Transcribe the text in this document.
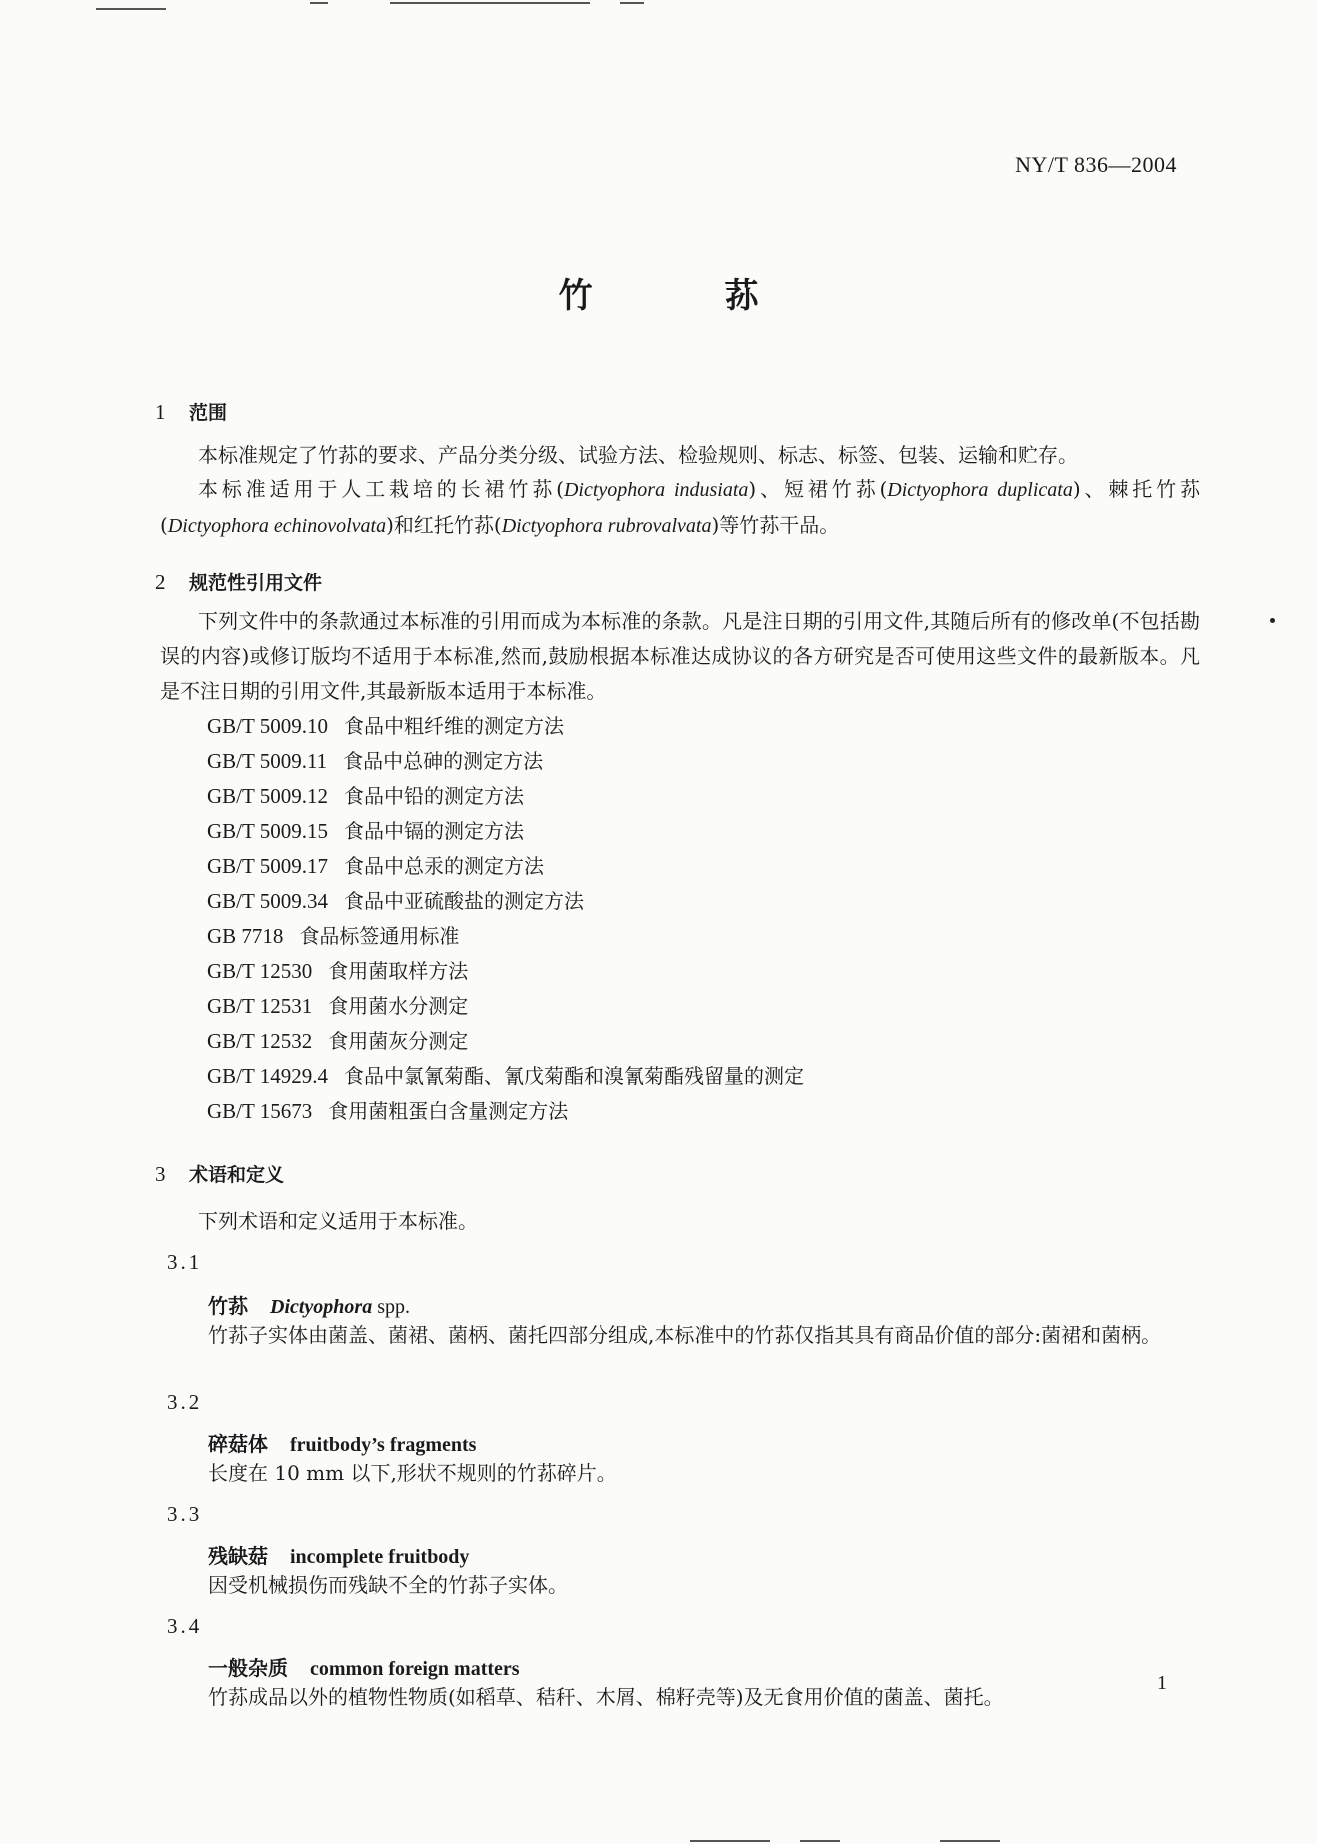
NY/T 836—2004
竹 荪
1 范围
本标准规定了竹荪的要求、产品分类分级、试验方法、检验规则、标志、标签、包装、运输和贮存。
本标准适用于人工栽培的长裙竹荪(Dictyophora indusiata)、短裙竹荪(Dictyophora duplicata)、棘托竹荪(Dictyophora echinovolvata)和红托竹荪(Dictyophora rubrovalvata)等竹荪干品。
2 规范性引用文件
下列文件中的条款通过本标准的引用而成为本标准的条款。凡是注日期的引用文件,其随后所有的修改单(不包括勘误的内容)或修订版均不适用于本标准,然而,鼓励根据本标准达成协议的各方研究是否可使用这些文件的最新版本。凡是不注日期的引用文件,其最新版本适用于本标准。
GB/T 5009.10 食品中粗纤维的测定方法
GB/T 5009.11 食品中总砷的测定方法
GB/T 5009.12 食品中铅的测定方法
GB/T 5009.15 食品中镉的测定方法
GB/T 5009.17 食品中总汞的测定方法
GB/T 5009.34 食品中亚硫酸盐的测定方法
GB 7718 食品标签通用标准
GB/T 12530 食用菌取样方法
GB/T 12531 食用菌水分测定
GB/T 12532 食用菌灰分测定
GB/T 14929.4 食品中氯氰菊酯、氰戊菊酯和溴氰菊酯残留量的测定
GB/T 15673 食用菌粗蛋白含量测定方法
3 术语和定义
下列术语和定义适用于本标准。
3.1
竹荪 Dictyophora spp.
竹荪子实体由菌盖、菌裙、菌柄、菌托四部分组成,本标准中的竹荪仅指其具有商品价值的部分:菌裙和菌柄。
3.2
碎菇体 fruitbody’s fragments
长度在 10 mm 以下,形状不规则的竹荪碎片。
3.3
残缺菇 incomplete fruitbody
因受机械损伤而残缺不全的竹荪子实体。
3.4
一般杂质 common foreign matters
竹荪成品以外的植物性物质(如稻草、秸秆、木屑、棉籽壳等)及无食用价值的菌盖、菌托。
1
